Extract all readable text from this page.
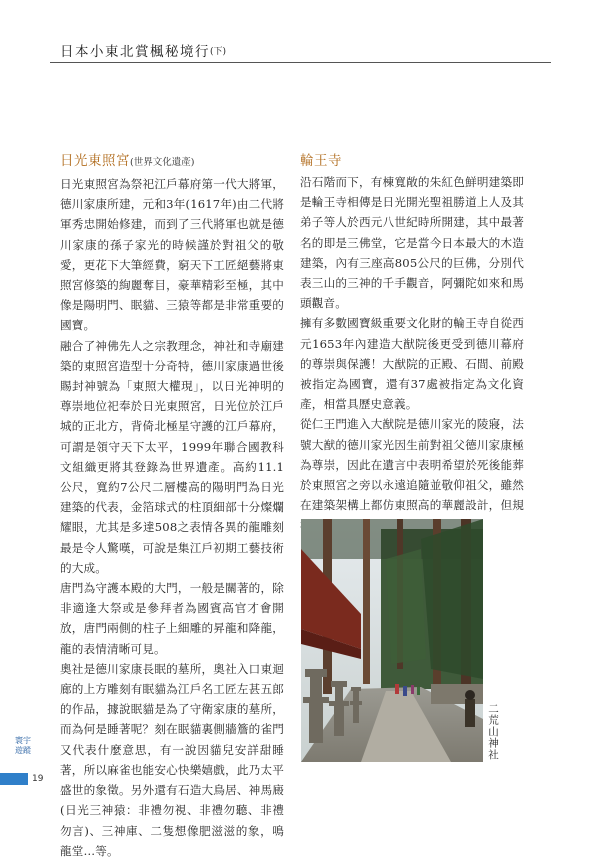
日本小東北賞楓秘境行$^{(下)}$
日光東照宮(世界文化遺產)

日光東照宮為祭祀江戶幕府第一代大將軍，德川家康所建，元和3年(1617年)由二代將軍秀忠開始修建，而到了三代將軍也就是德川家康的孫子家光的時候謹於對祖父的敬愛，更花下大筆經費，窮天下工匠絕藝將東照宮修築的絢麗奪目，豪華精彩至極，其中像是陽明門、眠貓、三猿等都是非常重要的國寶。

融合了神佛先人之宗教理念，神社和寺廟建築的東照宮造型十分奇特，德川家康過世後賜封神號為「東照大權現」，以日光神明的尊崇地位祀奉於日光東照宮，日光位於江戶城的正北方，背倚北極星守護的江戶幕府，可謂是領守天下太平，1999年聯合國教科文組織更將其登錄為世界遺產。高約11.1公尺，寬約7公尺二層樓高的陽明門為日光建築的代表，金箔球式的柱頂細部十分燦爛耀眼，尤其是多達508之表情各異的龍雕刻最是令人驚嘆，可說是集江戶初期工藝技術的大成。

唐門為守護本殿的大門，一般是關著的，除非適逢大祭或是參拜者為國賓高官才會開放，唐門兩側的柱子上細雕的昇龍和降龍，龍的表情清晰可見。

奧社是德川家康長眠的墓所，奧社入口東迴廊的上方雕刻有眠貓為江戶名工匠左甚五郎的作品，據說眠貓是為了守衛家康的墓所，而為何是睡著呢？刻在眠貓裏側牆簷的雀門又代表什麼意思，有一說因貓兒安詳甜睡著，所以麻雀也能安心快樂嬉戲，此乃太平盛世的象徵。另外還有石造大鳥居、神馬廄(日光三神猿：非禮勿視、非禮勿聽、非禮勿言)、三神庫、二隻想像肥滋滋的象，鳴龍堂…等。

輪王寺

沿石階而下，有棟寬敞的朱紅色鮮明建築即是輪王寺相傳是日光開光聖祖勝道上人及其弟子等人於西元八世紀時所開建，其中最著名的即是三佛堂，它是當今日本最大的木造建築，內有三座高805公尺的巨佛，分別代表三山的三神的千手觀音，阿彌陀如來和馬頭觀音。

擁有多數國寶級重要文化財的輪王寺自從西元1653年內建造大猷院後更受到德川幕府的尊崇與保護！大猷院的正殿、石間、前殿被指定為國寶，還有37處被指定為文化資產，相當具歷史意義。

從仁王門進入大猷院是德川家光的陵寢，法號大猷的德川家光因生前對祖父德川家康極為尊崇，因此在遺言中表明希望於死後能葬於東照宮之旁以永遠追隨並敬仰祖父，雖然在建築架構上都仿東照高的華麗設計，但規

二荒山神社
寰宇遊蹤
19
